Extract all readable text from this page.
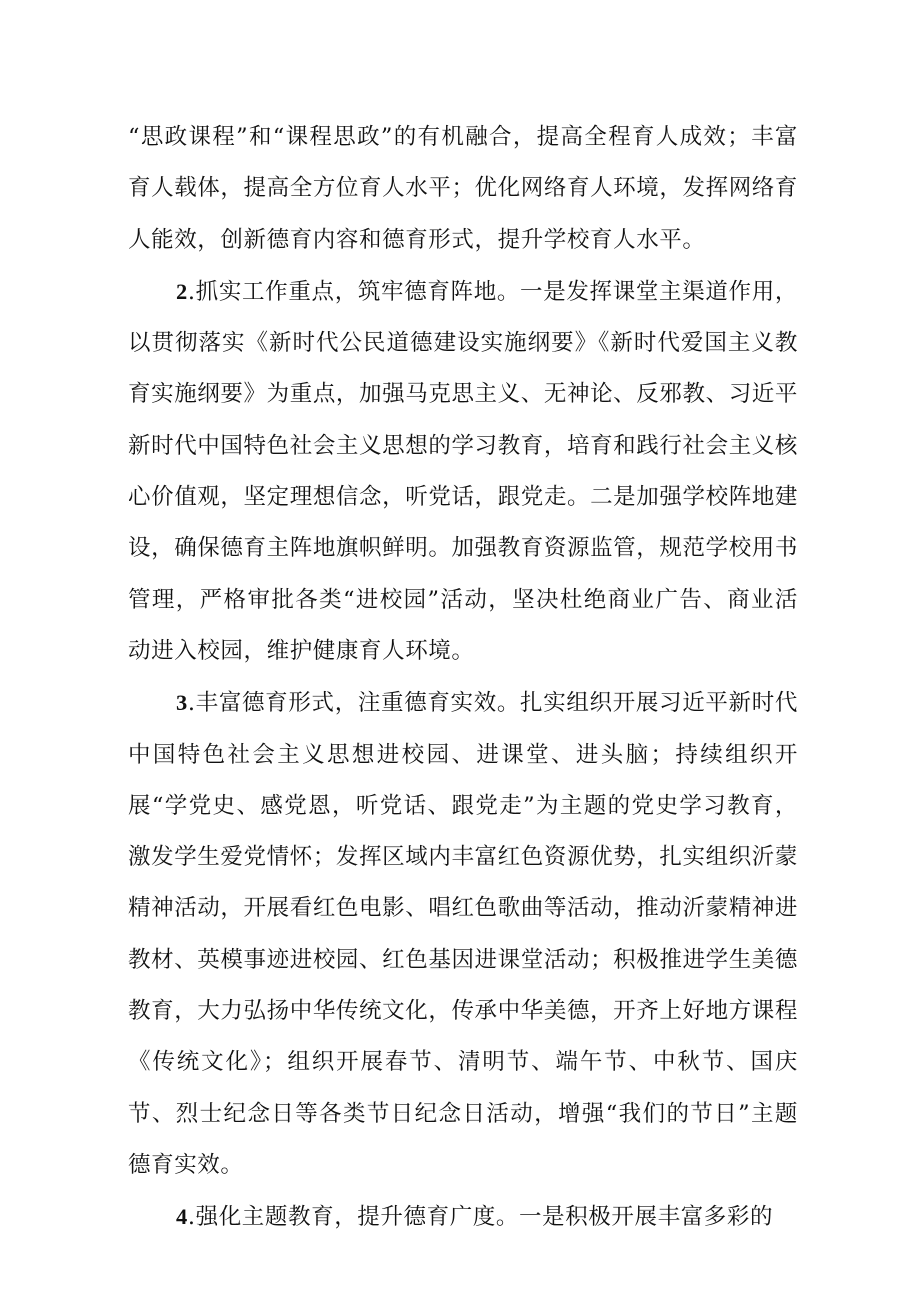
“思政课程”和“课程思政”的有机融合，提高全程育人成效；丰富育人载体，提高全方位育人水平；优化网络育人环境，发挥网络育人能效，创新德育内容和德育形式，提升学校育人水平。

2.抓实工作重点，筑牢德育阵地。一是发挥课堂主渠道作用，以贯彻落实《新时代公民道德建设实施纲要》《新时代爱国主义教育实施纲要》为重点，加强马克思主义、无神论、反邪教、习近平新时代中国特色社会主义思想的学习教育，培育和践行社会主义核心价值观，坚定理想信念，听党话，跟党走。二是加强学校阵地建设，确保德育主阵地旗帜鲜明。加强教育资源监管，规范学校用书管理，严格审批各类“进校园”活动，坚决杜绝商业广告、商业活动进入校园，维护健康育人环境。

3.丰富德育形式，注重德育实效。扎实组织开展习近平新时代中国特色社会主义思想进校园、进课堂、进头脑；持续组织开展“学党史、感党恩，听党话、跟党走”为主题的党史学习教育，激发学生爱党情怀；发挥区域内丰富红色资源优势，扎实组织沂蒙精神活动，开展看红色电影、唱红色歌曲等活动，推动沂蒙精神进教材、英模事迹进校园、红色基因进课堂活动；积极推进学生美德教育，大力弘扬中华传统文化，传承中华美德，开齐上好地方课程《传统文化》；组织开展春节、清明节、端午节、中秋节、国庆节、烈士纪念日等各类节日纪念日活动，增强“我们的节日”主题德育实效。

4.强化主题教育，提升德育广度。一是积极开展丰富多彩的
